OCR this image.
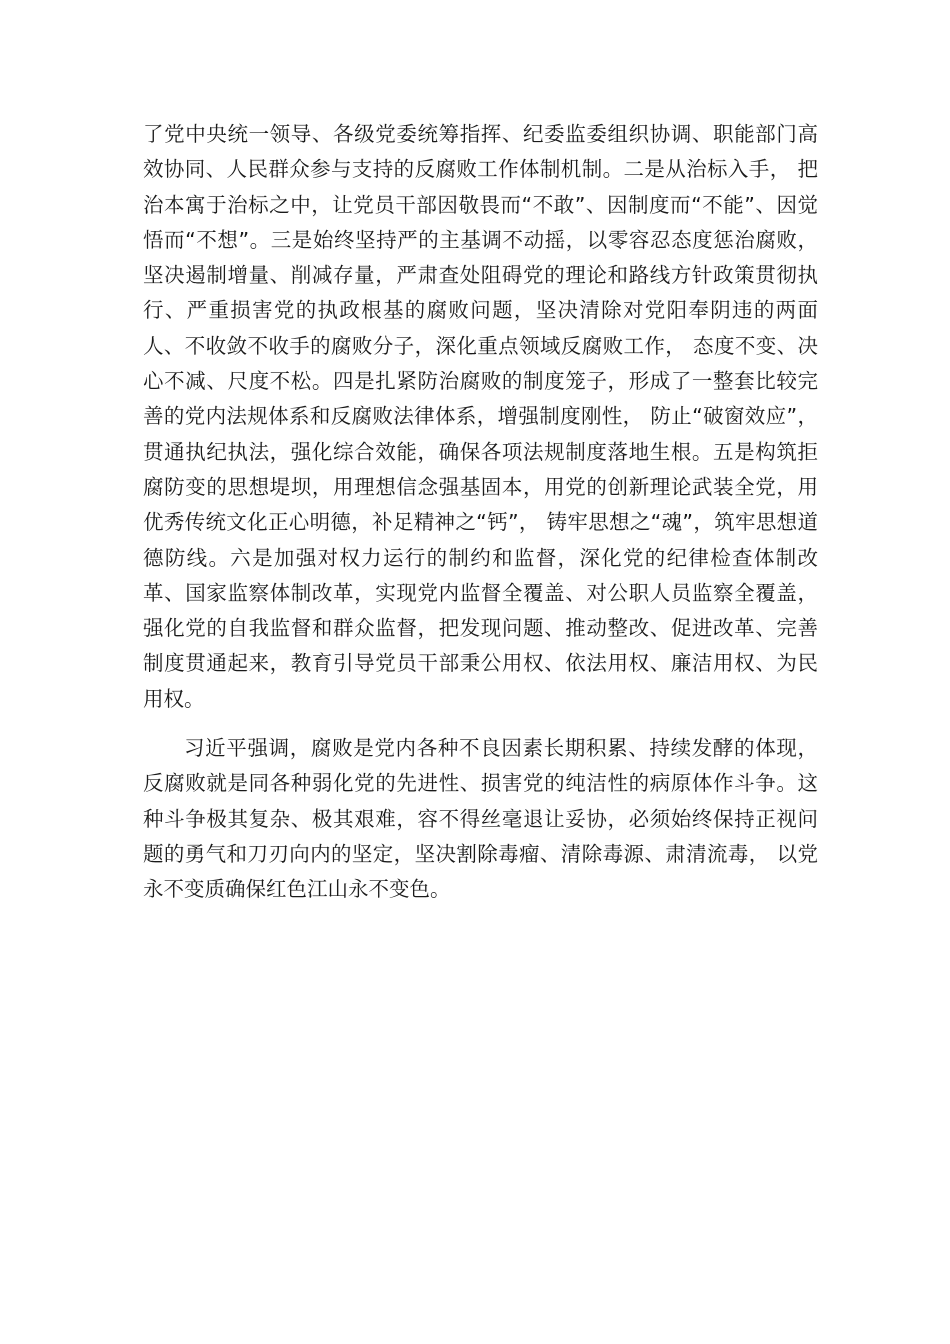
了党中央统一领导、各级党委统筹指挥、纪委监委组织协调、职能部门高效协同、人民群众参与支持的反腐败工作体制机制。二是从治标入手， 把治本寓于治标之中，让党员干部因敬畏而“不敢”、因制度而“不能”、因觉悟而“不想”。三是始终坚持严的主基调不动摇，以零容忍态度惩治腐败，坚决遏制增量、削减存量，严肃查处阻碍党的理论和路线方针政策贯彻执行、严重损害党的执政根基的腐败问题，坚决清除对党阳奉阴违的两面人、不收敛不收手的腐败分子，深化重点领域反腐败工作， 态度不变、决心不减、尺度不松。四是扎紧防治腐败的制度笼子，形成了一整套比较完善的党内法规体系和反腐败法律体系，增强制度刚性， 防止“破窗效应”，贯通执纪执法，强化综合效能，确保各项法规制度落地生根。五是构筑拒腐防变的思想堤坝，用理想信念强基固本，用党的创新理论武装全党，用优秀传统文化正心明德，补足精神之“钙”， 铸牢思想之“魂”，筑牢思想道德防线。六是加强对权力运行的制约和监督，深化党的纪律检查体制改革、国家监察体制改革，实现党内监督全覆盖、对公职人员监察全覆盖，强化党的自我监督和群众监督，把发现问题、推动整改、促进改革、完善制度贯通起来，教育引导党员干部秉公用权、依法用权、廉洁用权、为民用权。

习近平强调，腐败是党内各种不良因素长期积累、持续发酵的体现， 反腐败就是同各种弱化党的先进性、损害党的纯洁性的病原体作斗争。这种斗争极其复杂、极其艰难，容不得丝毫退让妥协，必须始终保持正视问题的勇气和刀刃向内的坚定，坚决割除毒瘤、清除毒源、肃清流毒， 以党永不变质确保红色江山永不变色。
